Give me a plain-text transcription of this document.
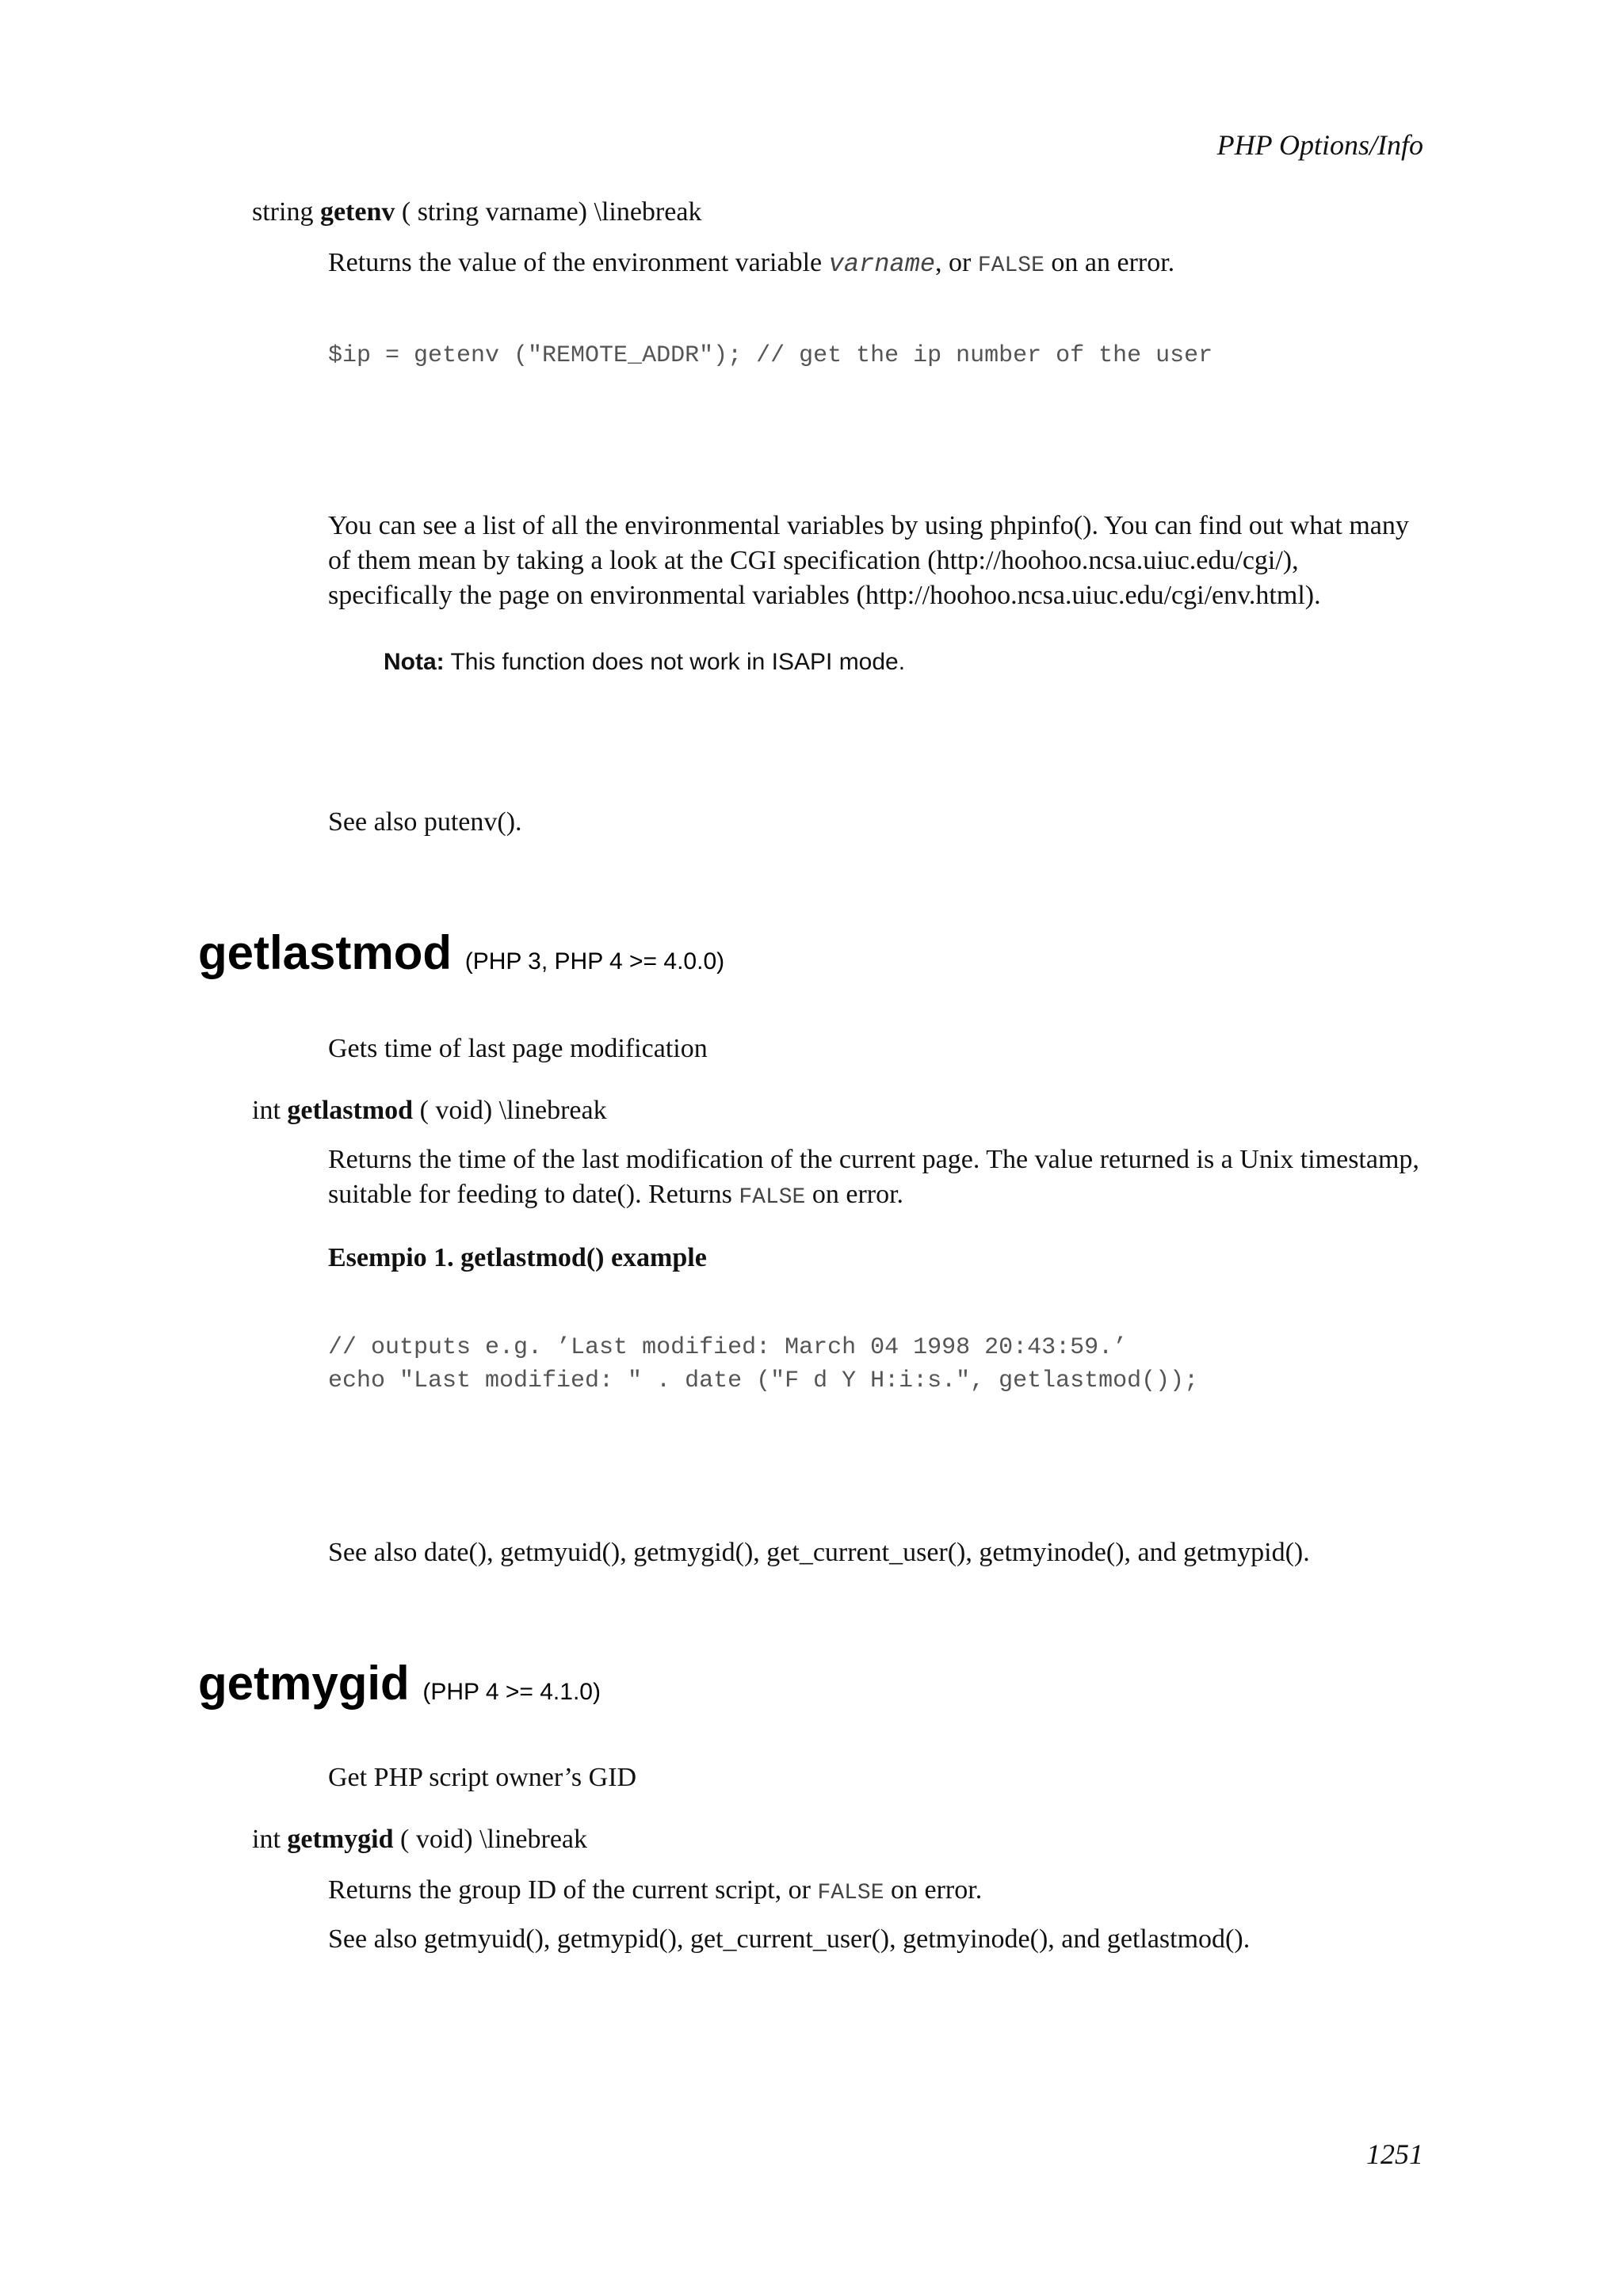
PHP Options/Info
string getenv ( string varname) \linebreak
Returns the value of the environment variable varname, or FALSE on an error.
$ip = getenv ("REMOTE_ADDR"); // get the ip number of the user
You can see a list of all the environmental variables by using phpinfo(). You can find out what many
of them mean by taking a look at the CGI specification (http://hoohoo.ncsa.uiuc.edu/cgi/),
specifically the page on environmental variables (http://hoohoo.ncsa.uiuc.edu/cgi/env.html).
Nota: This function does not work in ISAPI mode.
See also putenv().
getlastmod (PHP 3, PHP 4 >= 4.0.0)
Gets time of last page modification
int getlastmod ( void) \linebreak
Returns the time of the last modification of the current page. The value returned is a Unix timestamp,
suitable for feeding to date(). Returns FALSE on error.
Esempio 1. getlastmod() example
// outputs e.g. ’Last modified: March 04 1998 20:43:59.’
echo "Last modified: " . date ("F d Y H:i:s.", getlastmod());
See also date(), getmyuid(), getmygid(), get_current_user(), getmyinode(), and getmypid().
getmygid (PHP 4 >= 4.1.0)
Get PHP script owner’s GID
int getmygid ( void) \linebreak
Returns the group ID of the current script, or FALSE on error.
See also getmyuid(), getmypid(), get_current_user(), getmyinode(), and getlastmod().
1251
